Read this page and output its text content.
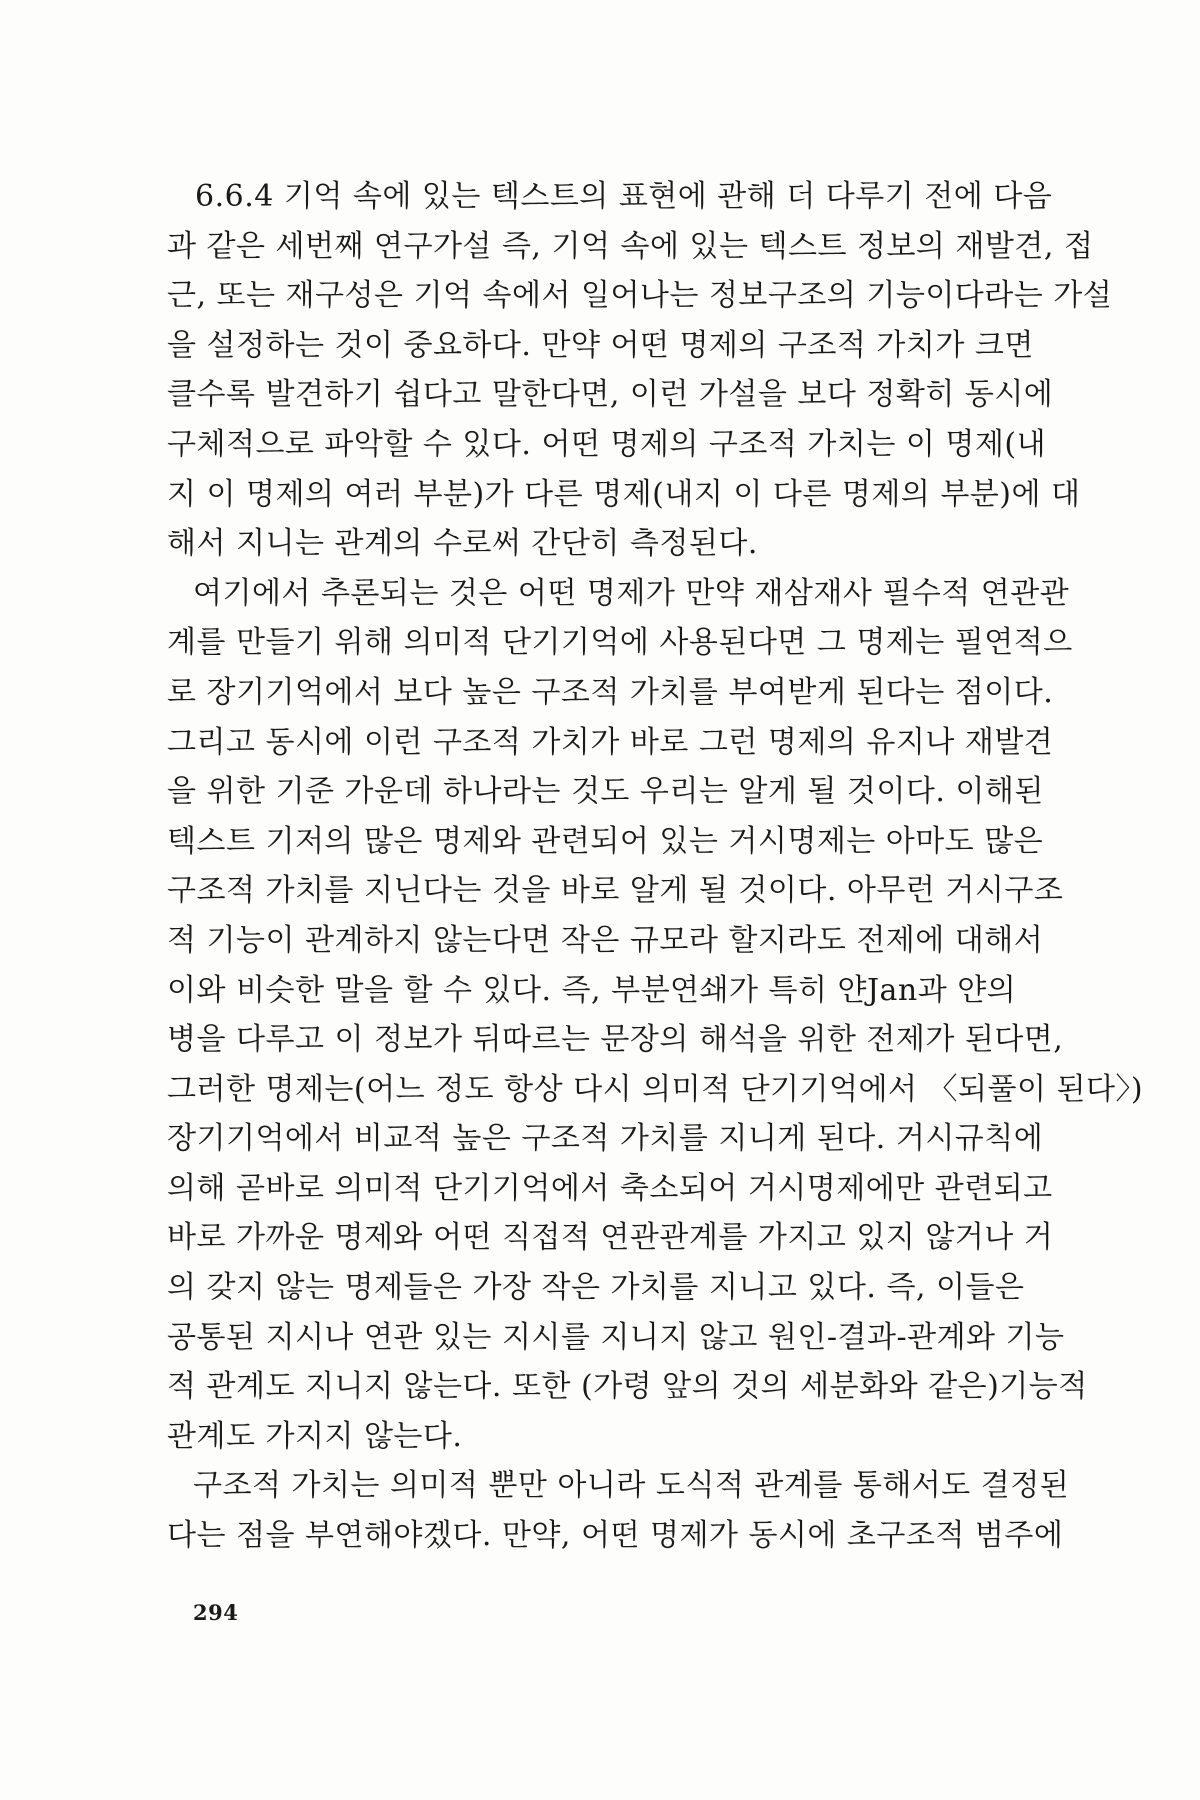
6.6.4 기억 속에 있는 텍스트의 표현에 관해 더 다루기 전에 다음
과 같은 세번째 연구가설 즉, 기억 속에 있는 텍스트 정보의 재발견, 접
근, 또는 재구성은 기억 속에서 일어나는 정보구조의 기능이다라는 가설
을 설정하는 것이 중요하다. 만약 어떤 명제의 구조적 가치가 크면
클수록 발견하기 쉽다고 말한다면, 이런 가설을 보다 정확히 동시에
구체적으로 파악할 수 있다. 어떤 명제의 구조적 가치는 이 명제(내
지 이 명제의 여러 부분)가 다른 명제(내지 이 다른 명제의 부분)에 대
해서 지니는 관계의 수로써 간단히 측정된다.
여기에서 추론되는 것은 어떤 명제가 만약 재삼재사 필수적 연관관
계를 만들기 위해 의미적 단기기억에 사용된다면 그 명제는 필연적으
로 장기기억에서 보다 높은 구조적 가치를 부여받게 된다는 점이다.
그리고 동시에 이런 구조적 가치가 바로 그런 명제의 유지나 재발견
을 위한 기준 가운데 하나라는 것도 우리는 알게 될 것이다. 이해된
텍스트 기저의 많은 명제와 관련되어 있는 거시명제는 아마도 많은
구조적 가치를 지닌다는 것을 바로 알게 될 것이다. 아무런 거시구조
적 기능이 관계하지 않는다면 작은 규모라 할지라도 전제에 대해서
이와 비슷한 말을 할 수 있다. 즉, 부분연쇄가 특히 얀Jan과 얀의
병을 다루고 이 정보가 뒤따르는 문장의 해석을 위한 전제가 된다면,
그러한 명제는(어느 정도 항상 다시 의미적 단기기억에서 〈되풀이 된다〉)
장기기억에서 비교적 높은 구조적 가치를 지니게 된다. 거시규칙에
의해 곧바로 의미적 단기기억에서 축소되어 거시명제에만 관련되고
바로 가까운 명제와 어떤 직접적 연관관계를 가지고 있지 않거나 거
의 갖지 않는 명제들은 가장 작은 가치를 지니고 있다. 즉, 이들은
공통된 지시나 연관 있는 지시를 지니지 않고 원인-결과-관계와 기능
적 관계도 지니지 않는다. 또한 (가령 앞의 것의 세분화와 같은)기능적
관계도 가지지 않는다.
구조적 가치는 의미적 뿐만 아니라 도식적 관계를 통해서도 결정된
다는 점을 부연해야겠다. 만약, 어떤 명제가 동시에 초구조적 범주에
294
